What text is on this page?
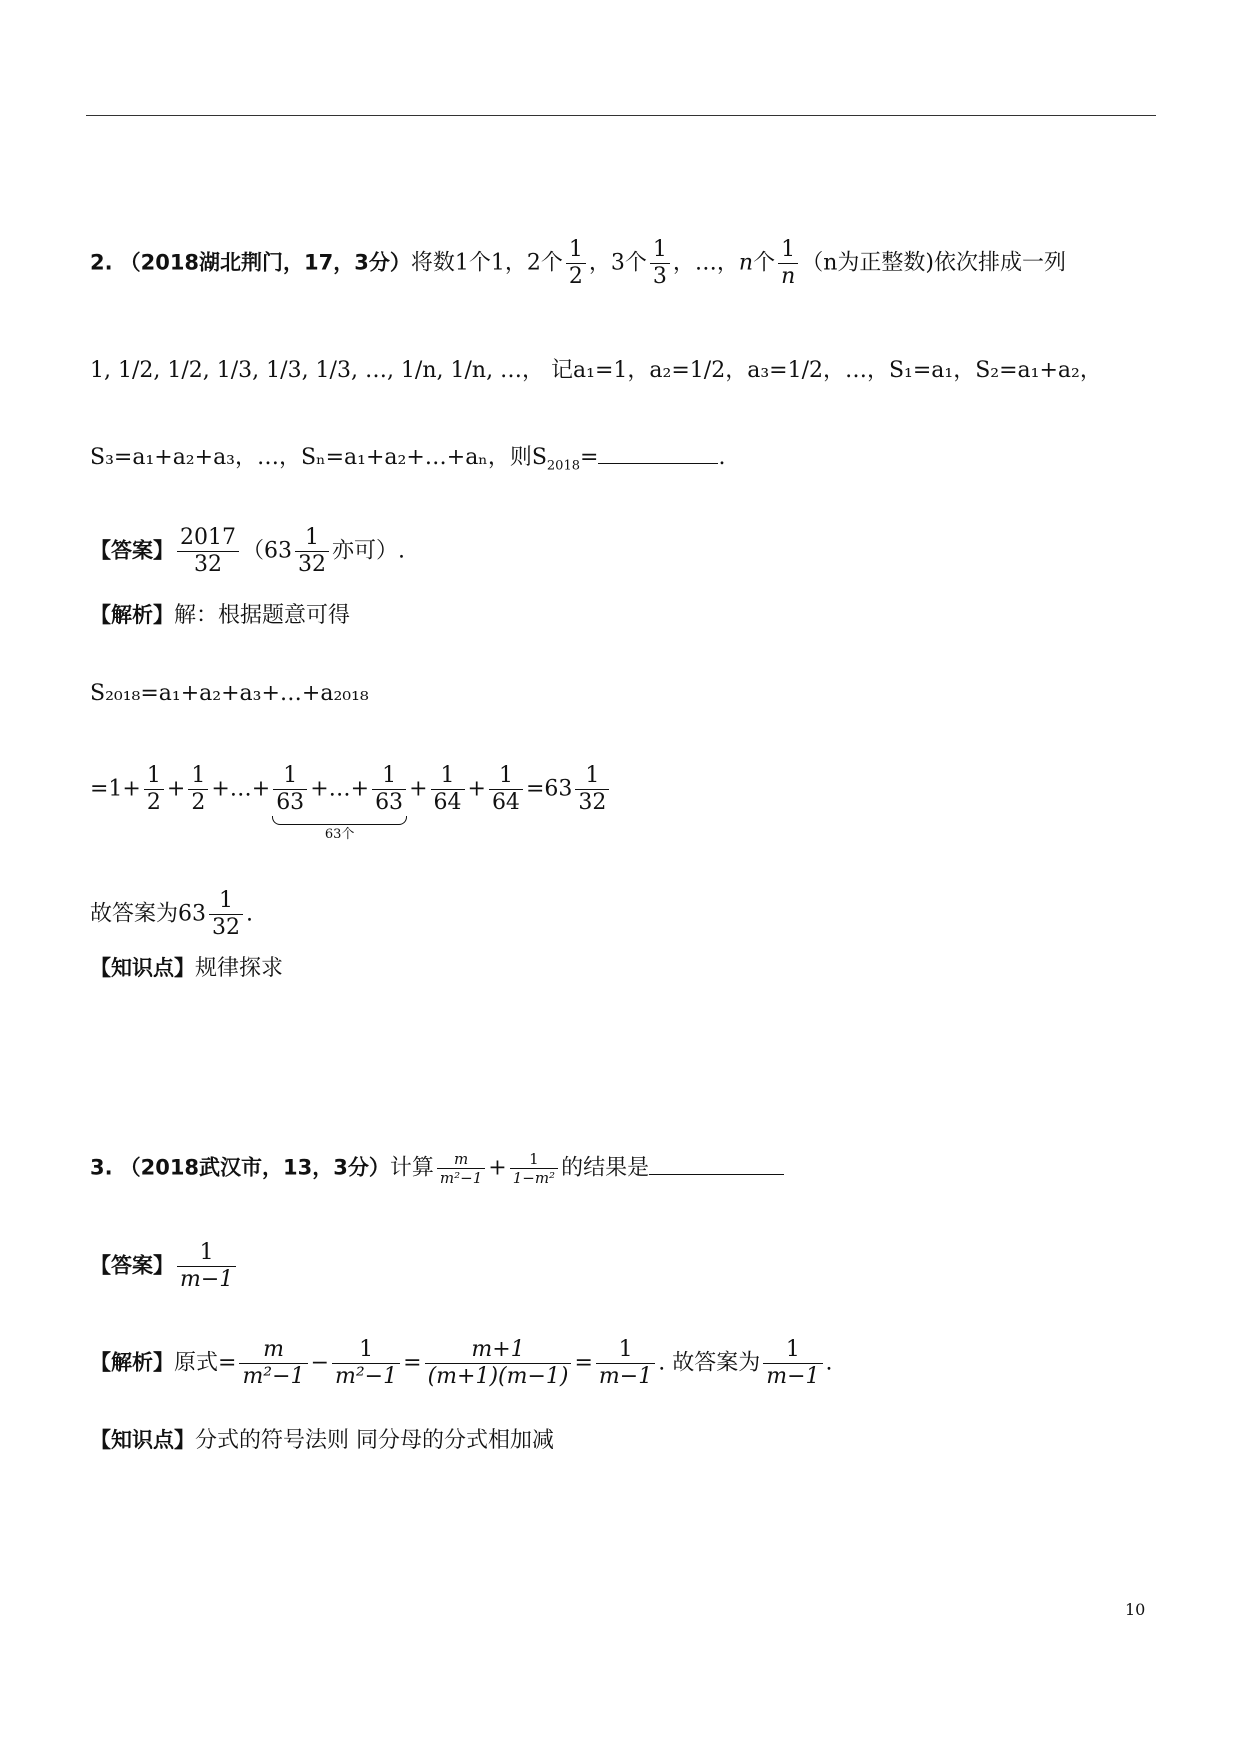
2. （2018湖北荆门，17，3分）将数1个1，2个 $\frac{1}{2}$ ，3个 $\frac{1}{3}$ ，…，n个 $\frac{1}{n} (n$为正整数)依次排成一列
1, 1/2, 1/2, 1/3, 1/3, 1/3, …, 1/n, 1/n, …， 记a₁=1，a₂=1/2，a₃=1/2，…，S₁=a₁，S₂=a₁+a₂，
S₃=a₁+a₂+a₃，…，Sₙ=a₁+a₂+…+aₙ，则$S_{2018}=$	.
【答案】 $\frac{2017}{32} (63 \frac{1}{32}$ 亦可）.
【解析】解：根据题意可得
S₂₀₁₈=a₁+a₂+a₃+…+a₂₀₁₈
$=1+ \frac{1}{2} + \frac{1}{2}$ +…+ $\frac{1}{63}$ +…+ $\frac{1}{63}$
63个
+ $\frac{1}{64} + \frac{1}{64} =63 \frac{1}{32}$
故答案为$63 \frac{1}{32}$ .
【知识点】规律探求
3. （2018武汉市，13，3分）计算 $\frac{m}{\text{m²−1}} + \frac{1}{\text{1−m²}}$ 的结果是
【答案】 $\frac{1}{m-1}$
【解析】原式= $\frac{m}{\text{m²−1}} - \frac{1}{\text{m²−1}} = \frac{m+1}{(m+1)(m-1)} = \frac{1}{m-1}$ . 故答案为 $\frac{1}{m-1}$ .
【知识点】分式的符号法则 同分母的分式相加减
10
